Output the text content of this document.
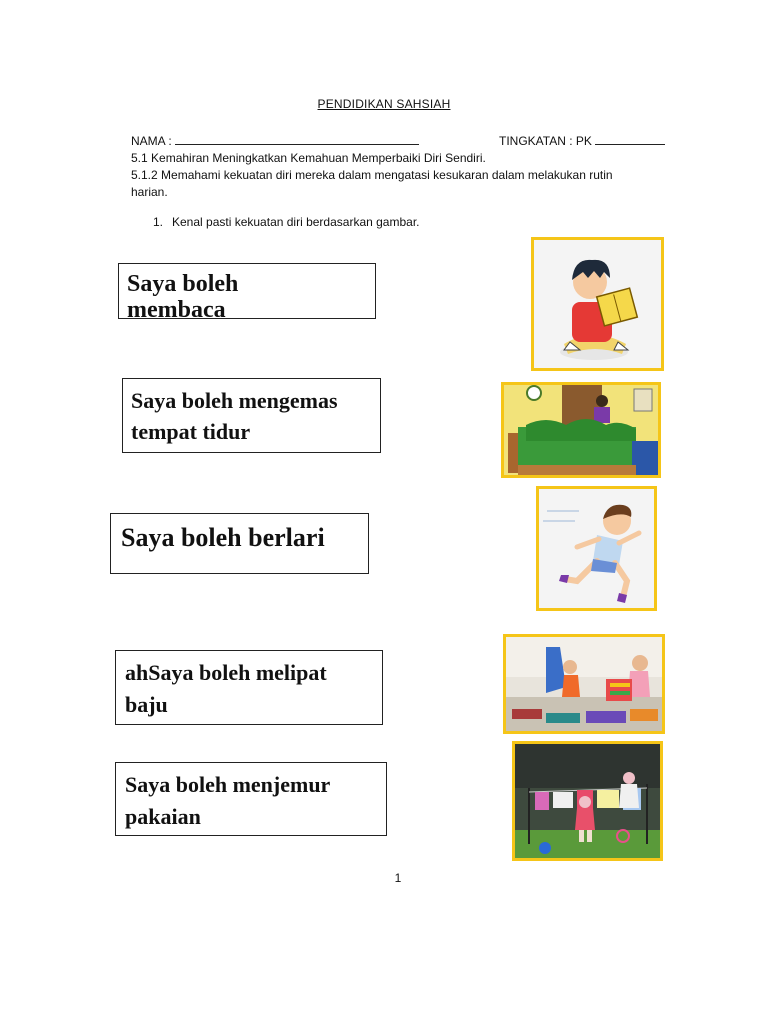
PENDIDIKAN SAHSIAH
NAMA :	TINGKATAN : PK
5.1 Kemahiran Meningkatkan Kemahuan Memperbaiki Diri Sendiri.
5.1.2 Memahami kekuatan diri mereka dalam mengatasi kesukaran dalam melakukan rutin
harian.
1. Kenal pasti kekuatan diri berdasarkan gambar.
Saya boleh
membaca
Saya boleh mengemas
tempat tidur
Saya boleh berlari
ahSaya boleh melipat
baju
Saya boleh menjemur
pakaian
1
